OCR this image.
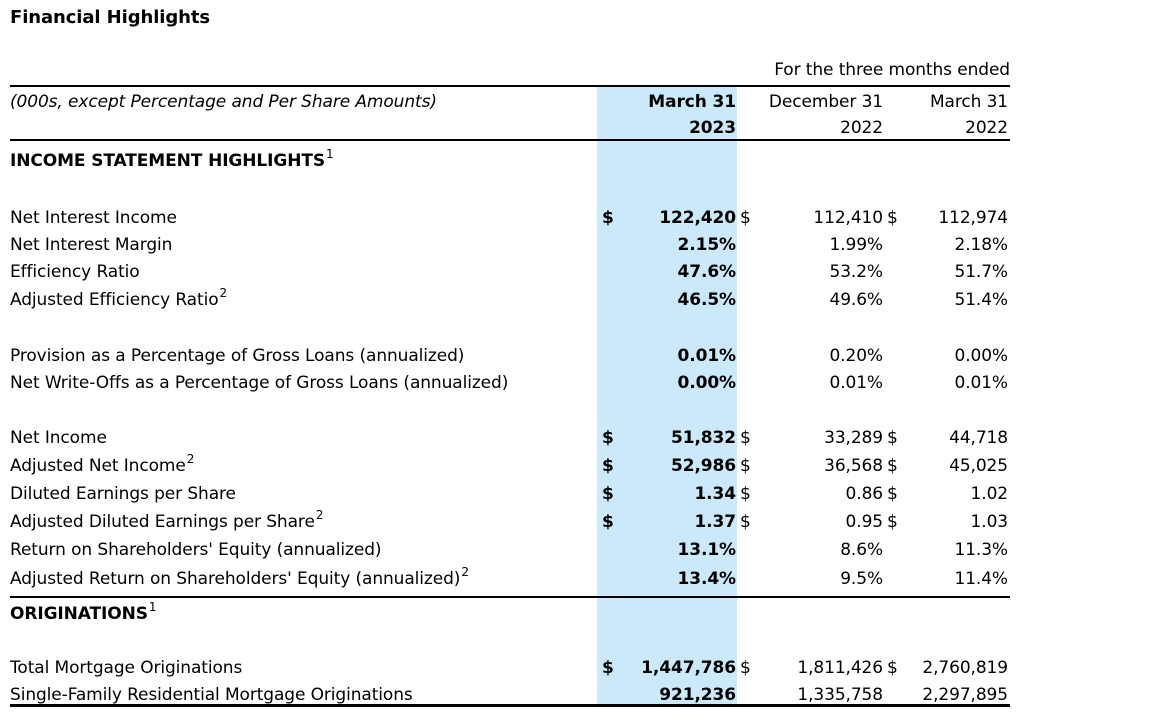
Financial Highlights
For the three months ended
(000s, except Percentage and Per Share Amounts)	March 31 December 31	March 31
2023	2022	2022
INCOME STATEMENT HIGHLIGHTS$^1$
Net Interest Income	$	122,420 $	112,410 $ 112,974
Net Interest Margin	2.15%	1.99%	2.18%
Efficiency Ratio	47.6%	53.2%	51.7%
Adjusted Efficiency Ratio$^2$	46.5%	49.6%	51.4%
Provision as a Percentage of Gross Loans (annualized)	0.01%	0.20%	0.00%
Net Write-Offs as a Percentage of Gross Loans (annualized)	0.00%	0.01%	0.01%
Net Income	$	51,832 $	33,289 $	44,718
Adjusted Net Income$^2$	$	52,986 $	36,568 $	45,025
Diluted Earnings per Share	$	1.34 $	0.86 $	1.02
Adjusted Diluted Earnings per Share$^2$	$	1.37 $	0.95 $	1.03
Return on Shareholders' Equity (annualized)	13.1%	8.6%	11.3%
Adjusted Return on Shareholders' Equity (annualized)$^2$	13.4%	9.5%	11.4%
ORIGINATIONS$^1$
Total Mortgage Originations	$ 1,447,786 $	1,811,426 $ 2,760,819
Single-Family Residential Mortgage Originations	921,236	1,335,758 2,297,895
